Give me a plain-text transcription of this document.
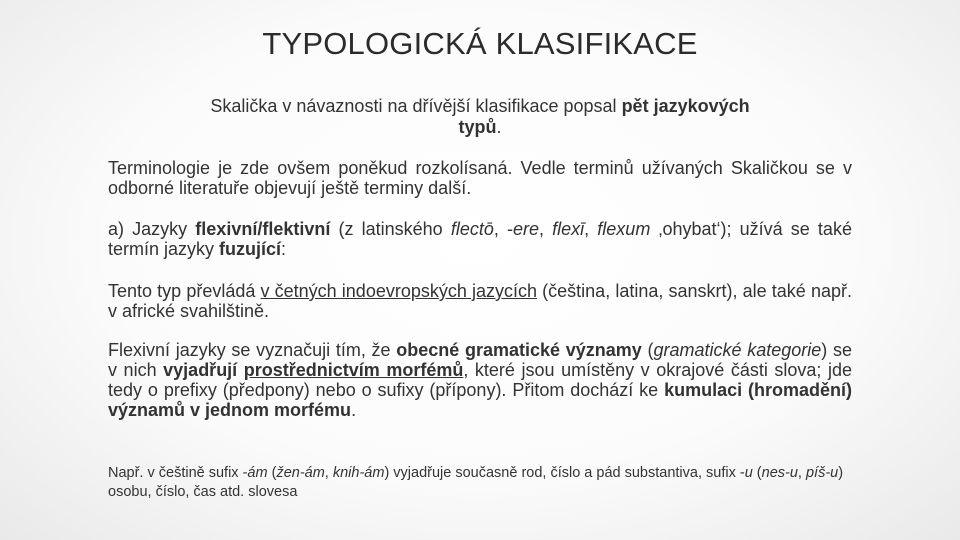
TYPOLOGICKÁ KLASIFIKACE
Skalička v návaznosti na dřívější klasifikace popsal pět jazykových typů.
Terminologie je zde ovšem poněkud rozkolísaná. Vedle terminů užívaných Skaličkou se v odborné literatuře objevují ještě terminy další.
a) Jazyky flexivní/flektivní (z latinského flectō, -ere, flexī, flexum ‚ohybat‘); užívá se také termín jazyky fuzující:
Tento typ převládá v četných indoevropských jazycích (čeština, latina, sanskrt), ale také např. v africké svahilštině.
Flexivní jazyky se vyznačuji tím, že obecné gramatické významy (gramatické kategorie) se v nich vyjadřují prostřednictvím morfémů, které jsou umístěny v okrajové části slova; jde tedy o prefixy (předpony) nebo o sufixy (přípony). Přitom dochází ke kumulaci (hromadění) významů v jednom morfému.
Např. v češtině sufix -ám (žen-ám, knih-ám) vyjadřuje současně rod, číslo a pád substantiva, sufix -u (nes-u, píš-u) osobu, číslo, čas atd. slovesa
